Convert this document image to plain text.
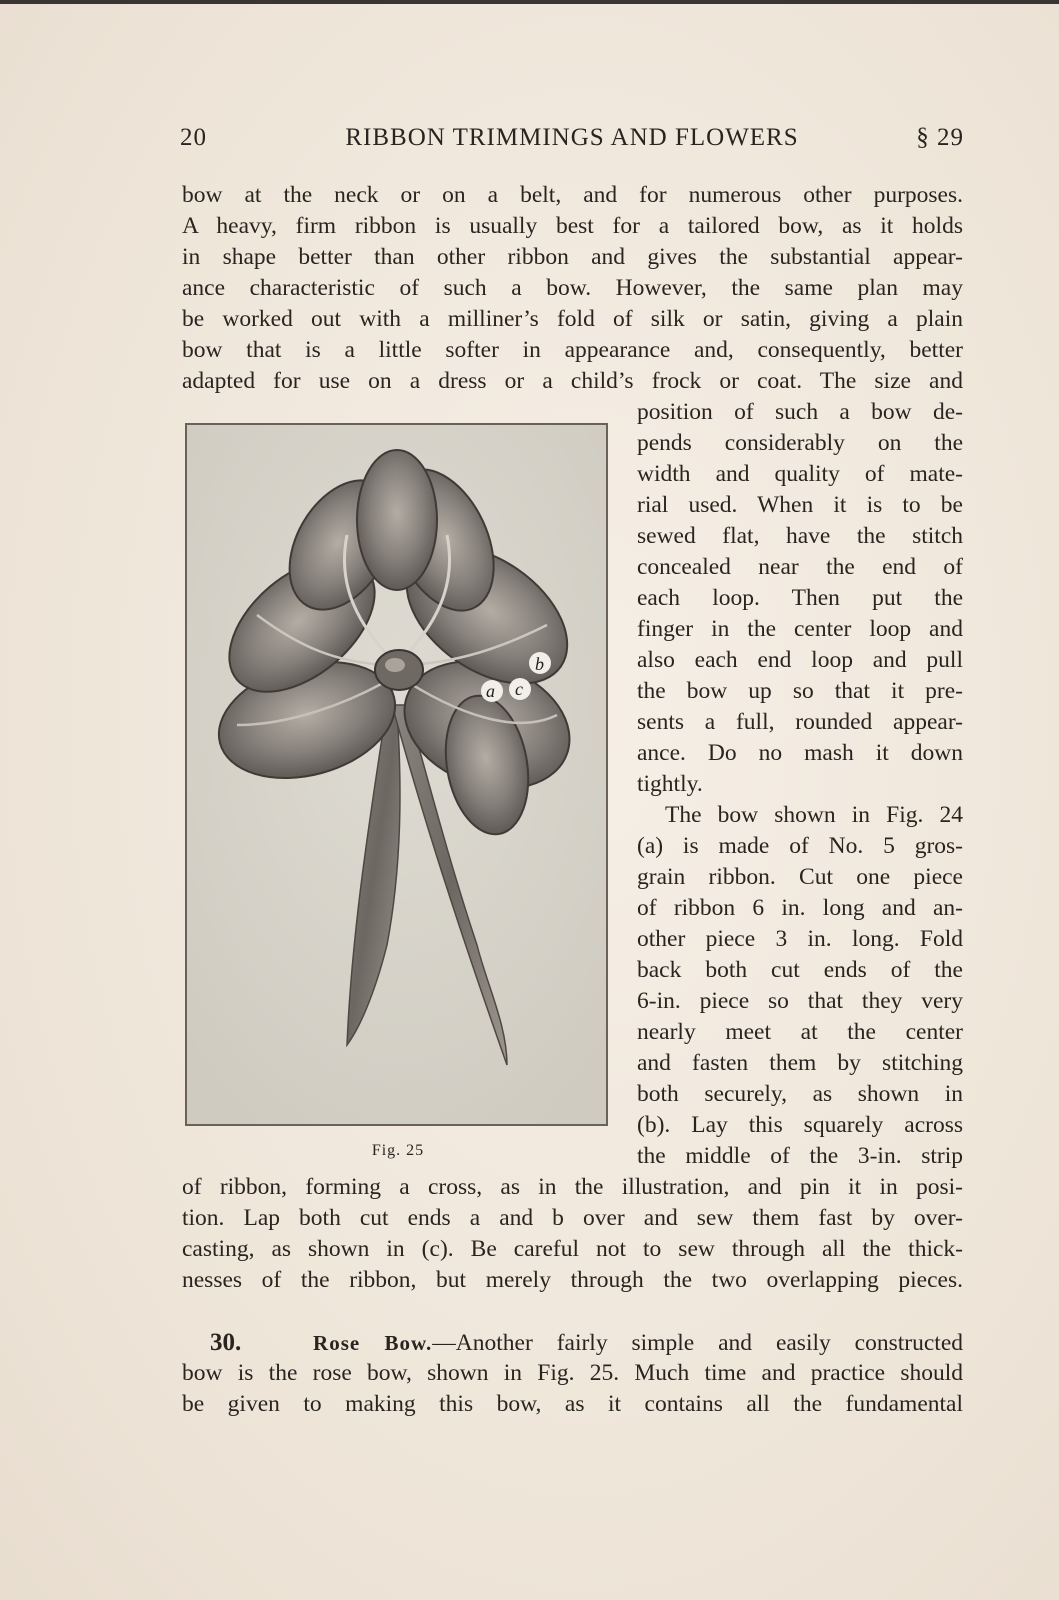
20	RIBBON TRIMMINGS AND FLOWERS	§ 29
bow at the neck or on a belt, and for numerous other purposes.
A heavy, firm ribbon is usually best for a tailored bow, as it holds
in shape better than other ribbon and gives the substantial appear-
ance characteristic of such a bow. However, the same plan may
be worked out with a milliner’s fold of silk or satin, giving a plain
bow that is a little softer in appearance and, consequently, better
adapted for use on a dress or a child’s frock or coat. The size and
b
a c
Fig. 25
position of such a bow de-
pends considerably on the
width and quality of mate-
rial used. When it is to be
sewed flat, have the stitch
concealed near the end of
each loop. Then put the
finger in the center loop and
also each end loop and pull
the bow up so that it pre-
sents a full, rounded appear-
ance. Do no mash it down
tightly.
The bow shown in Fig. 24
(a) is made of No. 5 gros-
grain ribbon. Cut one piece
of ribbon 6 in. long and an-
other piece 3 in. long. Fold
back both cut ends of the
6-in. piece so that they very
nearly meet at the center
and fasten them by stitching
both securely, as shown in
(b). Lay this squarely across
the middle of the 3-in. strip
of ribbon, forming a cross, as in the illustration, and pin it in posi-
tion. Lap both cut ends a and b over and sew them fast by over-
casting, as shown in (c). Be careful not to sew through all the thick-
nesses of the ribbon, but merely through the two overlapping pieces.
30.	Rose Bow.—Another fairly simple and easily constructed
bow is the rose bow, shown in Fig. 25. Much time and practice should
be given to making this bow, as it contains all the fundamental
